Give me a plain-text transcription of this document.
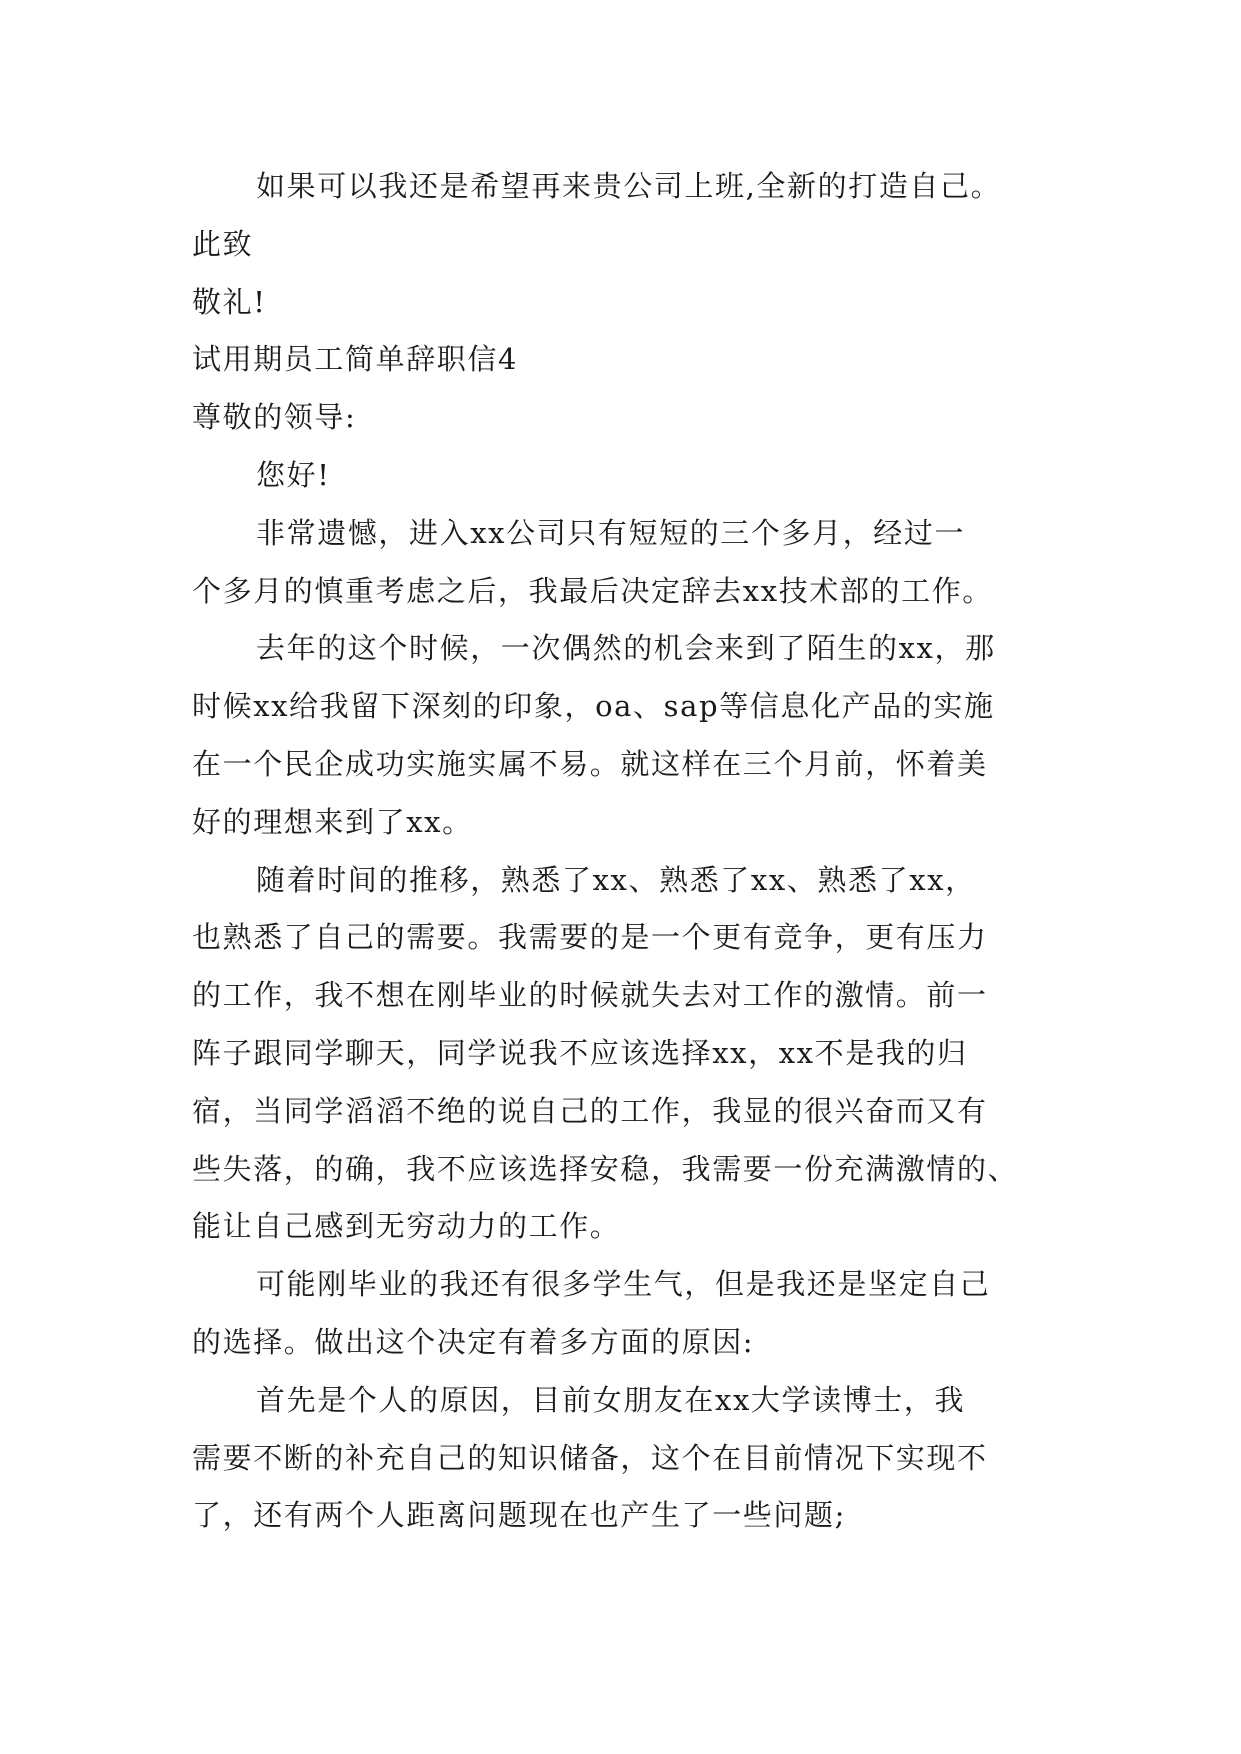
如果可以我还是希望再来贵公司上班,全新的打造自己。
此致
敬礼!
试用期员工简单辞职信4
尊敬的领导:
您好!
非常遗憾，进入xx公司只有短短的三个多月，经过一
个多月的慎重考虑之后，我最后决定辞去xx技术部的工作。
去年的这个时候，一次偶然的机会来到了陌生的xx，那
时候xx给我留下深刻的印象，oa、sap等信息化产品的实施
在一个民企成功实施实属不易。就这样在三个月前，怀着美
好的理想来到了xx。
随着时间的推移，熟悉了xx、熟悉了xx、熟悉了xx，
也熟悉了自己的需要。我需要的是一个更有竞争，更有压力
的工作，我不想在刚毕业的时候就失去对工作的激情。前一
阵子跟同学聊天，同学说我不应该选择xx，xx不是我的归
宿，当同学滔滔不绝的说自己的工作，我显的很兴奋而又有
些失落，的确，我不应该选择安稳，我需要一份充满激情的、
能让自己感到无穷动力的工作。
可能刚毕业的我还有很多学生气，但是我还是坚定自己
的选择。做出这个决定有着多方面的原因:
首先是个人的原因，目前女朋友在xx大学读博士，我
需要不断的补充自己的知识储备，这个在目前情况下实现不
了，还有两个人距离问题现在也产生了一些问题;
